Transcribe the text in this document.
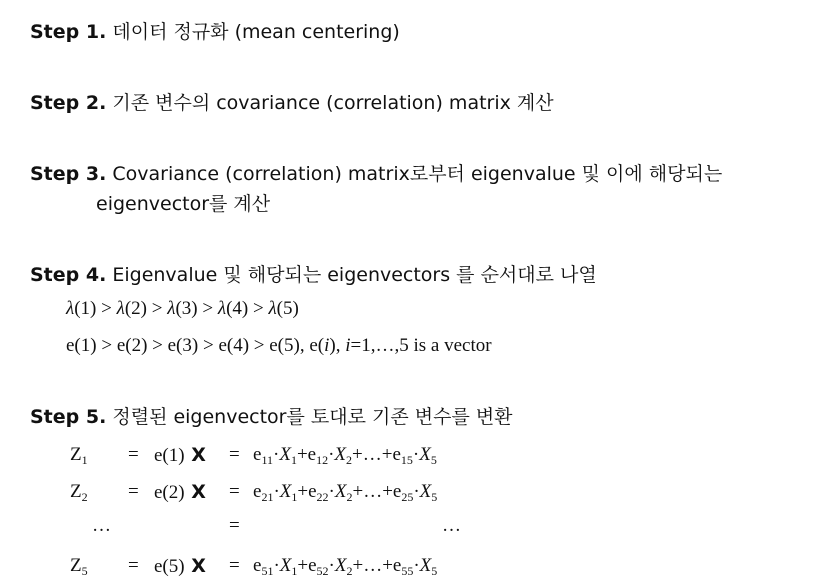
Step 1. 데이터 정규화 (mean centering)
Step 2. 기존 변수의 covariance (correlation) matrix 계산
Step 3. Covariance (correlation) matrix로부터 eigenvalue 및 이에 해당되는
eigenvector를 계산
Step 4. Eigenvalue 및 해당되는 eigenvectors 를 순서대로 나열
λ(1) > λ(2) > λ(3) > λ(4) > λ(5)
e(1) > e(2) > e(3) > e(4) > e(5), e(i), i=1,…,5 is a vector
Step 5. 정렬된 eigenvector를 토대로 기존 변수를 변환
$Z_1 = e(1) X$ = $e_{11}\cdot X_1+e_{12}\cdot X_2+\dots+e_{15}\cdot X_5$
$Z_2 = e(2) X$ = $e_{21}\cdot X_1+e_{22}\cdot X_2+\dots+e_{25}\cdot X_5$
…	=	…
$Z_5 = e(5) X$ = $e_{51}\cdot X_1+e_{52}\cdot X_2+\dots+e_{55}\cdot X_5$
